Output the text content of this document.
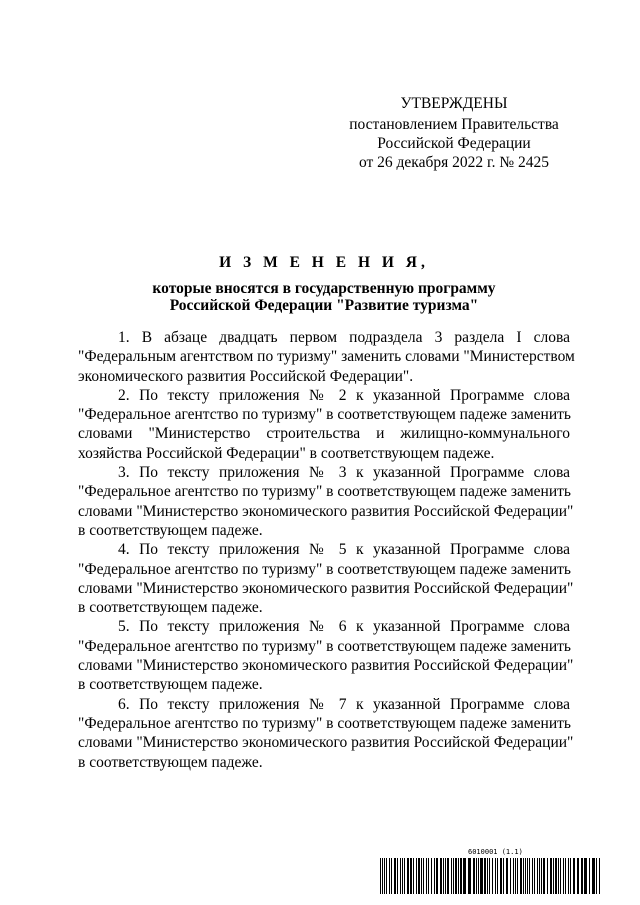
УТВЕРЖДЕНЫ
постановлением Правительства
Российской Федерации
от 26 декабря 2022 г. № 2425
И З М Е Н Е Н И Я,
которые вносятся в государственную программу
Российской Федерации "Развитие туризма"

1. В абзаце двадцать первом подраздела 3 раздела I слова
"Федеральным агентством по туризму" заменить словами "Министерством
экономического развития Российской Федерации".

2. По тексту приложения № 2 к указанной Программе слова
"Федеральное агентство по туризму" в соответствующем падеже заменить
словами "Министерство строительства и жилищно-коммунального
хозяйства Российской Федерации" в соответствующем падеже.

3. По тексту приложения № 3 к указанной Программе слова
"Федеральное агентство по туризму" в соответствующем падеже заменить
словами "Министерство экономического развития Российской Федерации"
в соответствующем падеже.

4. По тексту приложения № 5 к указанной Программе слова
"Федеральное агентство по туризму" в соответствующем падеже заменить
словами "Министерство экономического развития Российской Федерации"
в соответствующем падеже.

5. По тексту приложения № 6 к указанной Программе слова
"Федеральное агентство по туризму" в соответствующем падеже заменить
словами "Министерство экономического развития Российской Федерации"
в соответствующем падеже.

6. По тексту приложения № 7 к указанной Программе слова
"Федеральное агентство по туризму" в соответствующем падеже заменить
словами "Министерство экономического развития Российской Федерации"
в соответствующем падеже.

6010001 (1.1)
